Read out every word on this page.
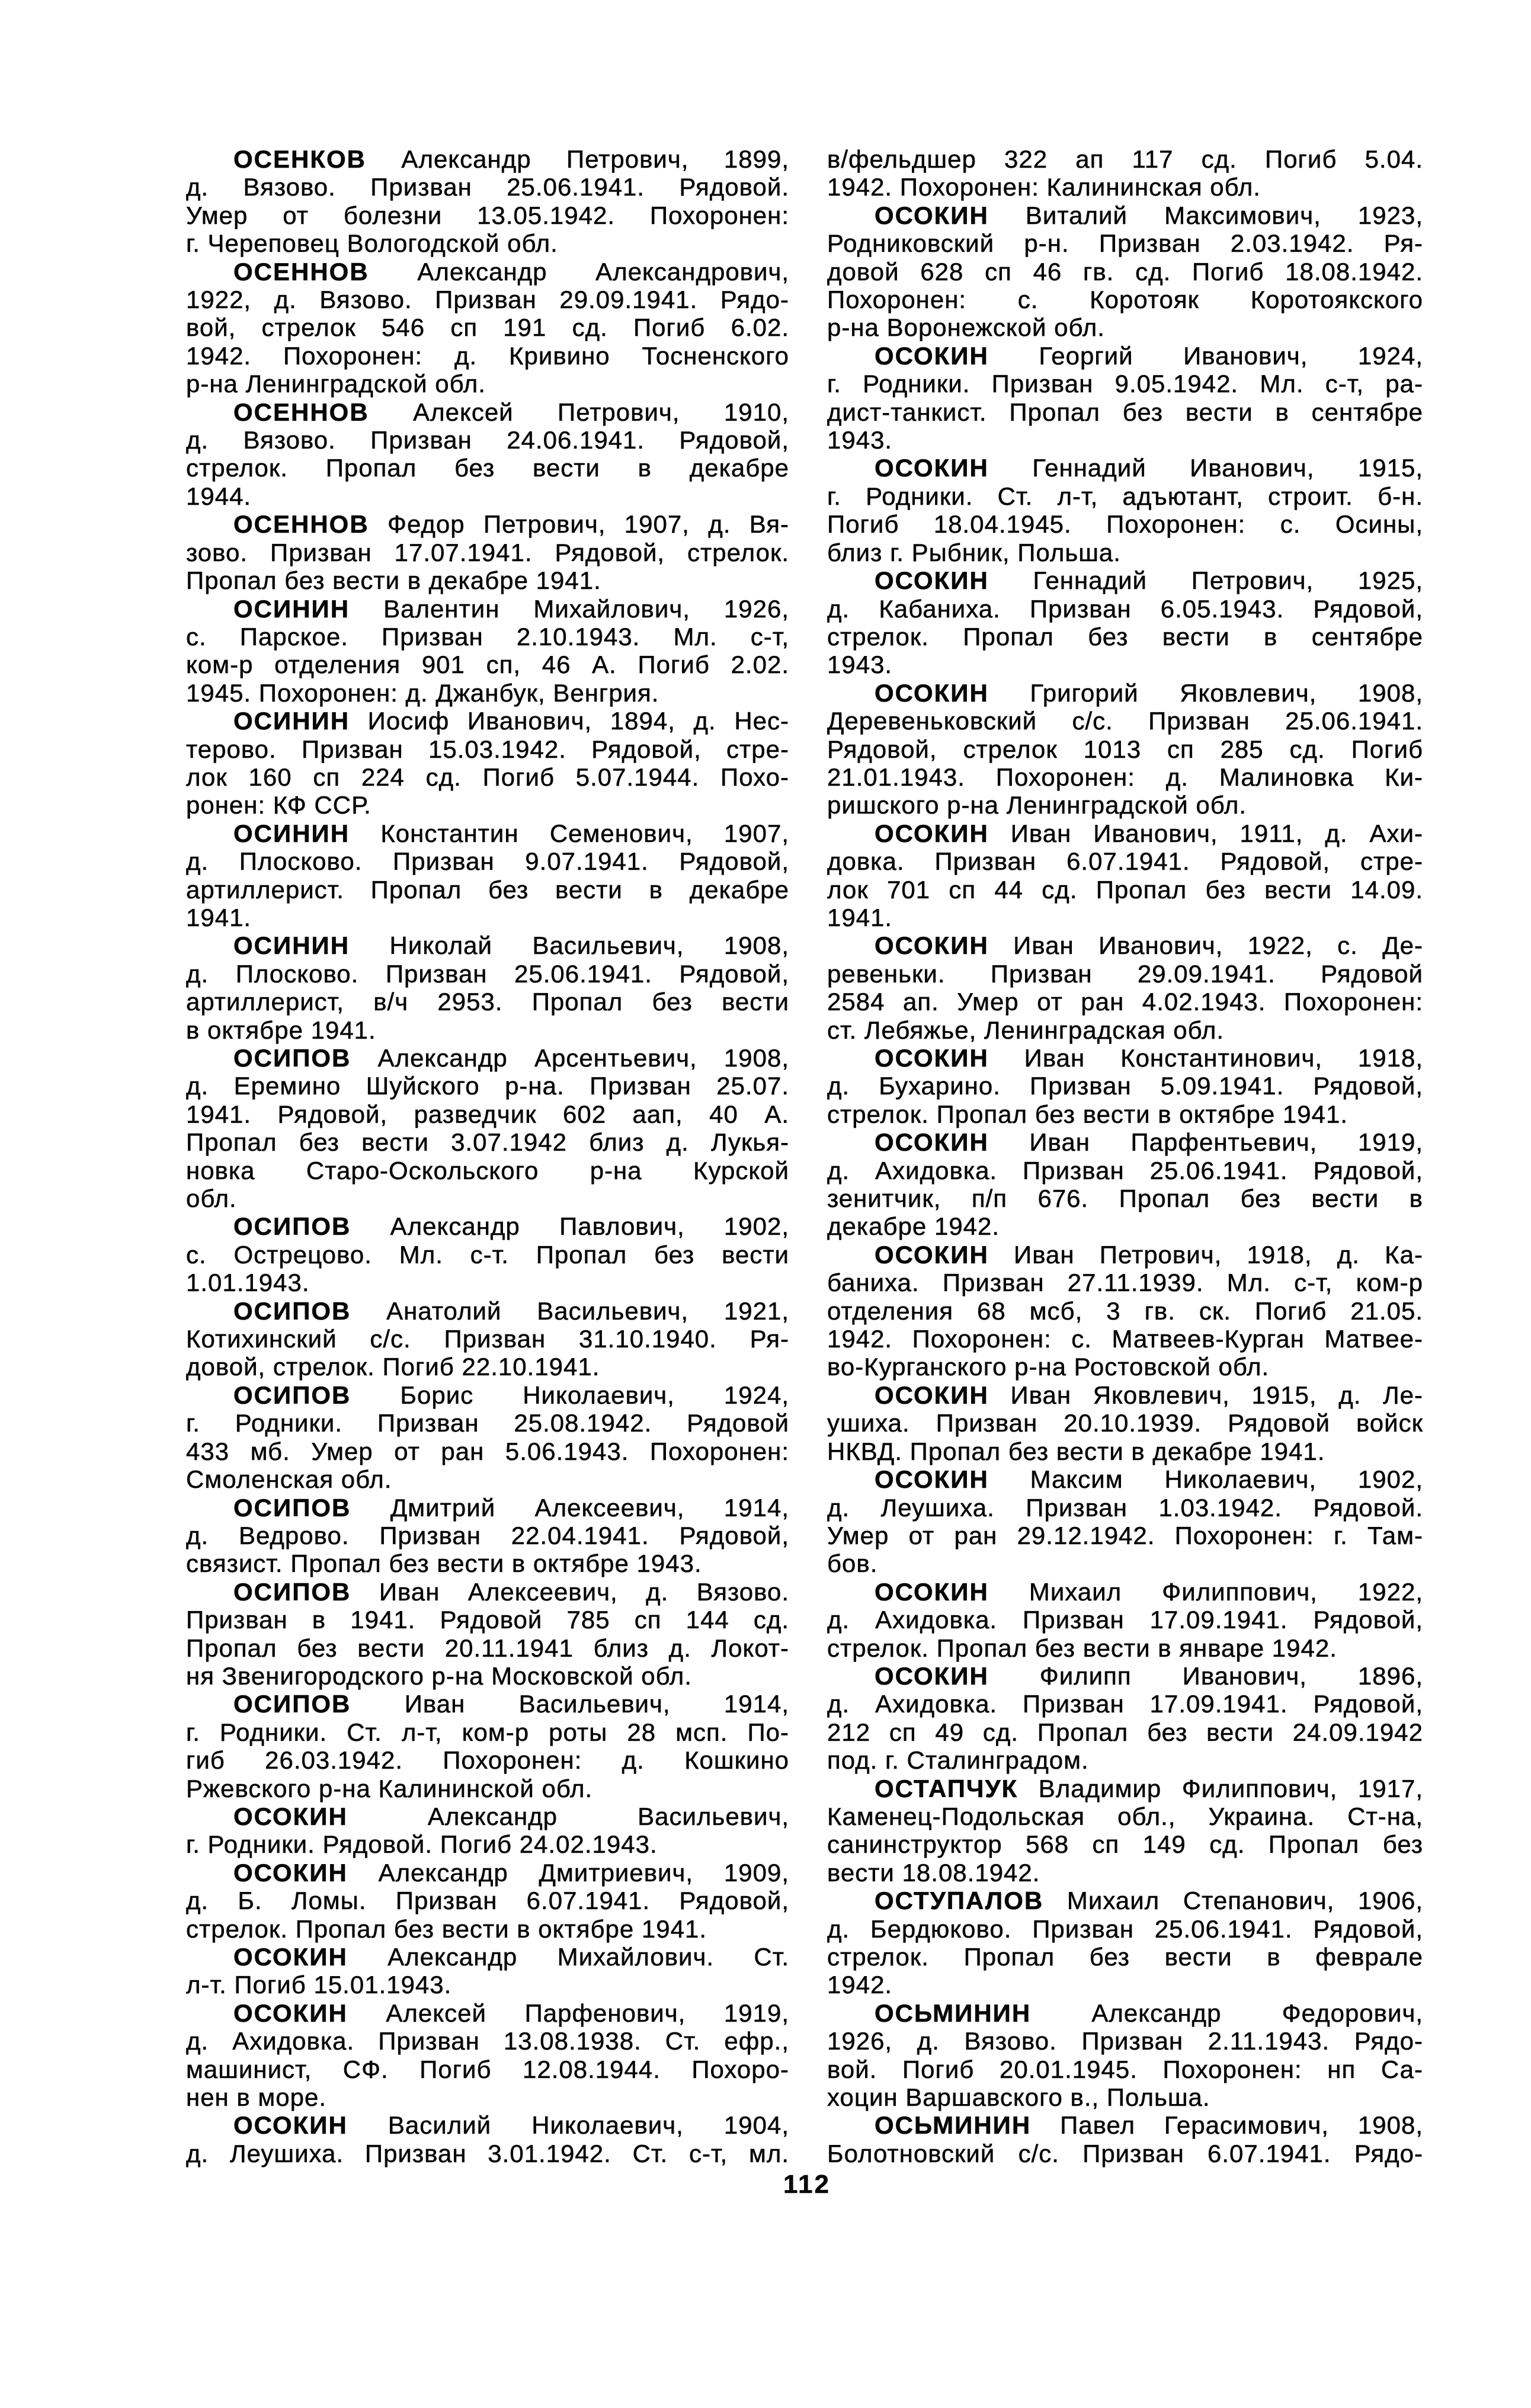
ОСЕНКОВ Александр Петрович, 1899,
д. Вязово. Призван 25.06.1941. Рядовой.
Умер от болезни 13.05.1942. Похоронен:
г. Череповец Вологодской обл.

ОСЕННОВ Александр Александрович,
1922, д. Вязово. Призван 29.09.1941. Рядо-
вой, стрелок 546 сп 191 сд. Погиб 6.02.
1942. Похоронен: д. Кривино Тосненского
р-на Ленинградской обл.

ОСЕННОВ Алексей Петрович, 1910,
д. Вязово. Призван 24.06.1941. Рядовой,
стрелок. Пропал без вести в декабре
1944.

ОСЕННОВ Федор Петрович, 1907, д. Вя-
зово. Призван 17.07.1941. Рядовой, стрелок.
Пропал без вести в декабре 1941.

ОСИНИН Валентин Михайлович, 1926,
с. Парское. Призван 2.10.1943. Мл. с-т,
ком-р отделения 901 сп, 46 А. Погиб 2.02.
1945. Похоронен: д. Джанбук, Венгрия.

ОСИНИН Иосиф Иванович, 1894, д. Нес-
терово. Призван 15.03.1942. Рядовой, стре-
лок 160 сп 224 сд. Погиб 5.07.1944. Похо-
ронен: КФ ССР.

ОСИНИН Константин Семенович, 1907,
д. Плосково. Призван 9.07.1941. Рядовой,
артиллерист. Пропал без вести в декабре
1941.

ОСИНИН Николай Васильевич, 1908,
д. Плосково. Призван 25.06.1941. Рядовой,
артиллерист, в/ч 2953. Пропал без вести
в октябре 1941.

ОСИПОВ Александр Арсентьевич, 1908,
д. Еремино Шуйского р-на. Призван 25.07.
1941. Рядовой, разведчик 602 аап, 40 А.
Пропал без вести 3.07.1942 близ д. Лукья-
новка Старо-Оскольского р-на Курской
обл.

ОСИПОВ Александр Павлович, 1902,
с. Острецово. Мл. с-т. Пропал без вести
1.01.1943.

ОСИПОВ Анатолий Васильевич, 1921,
Котихинский с/с. Призван 31.10.1940. Ря-
довой, стрелок. Погиб 22.10.1941.

ОСИПОВ Борис Николаевич, 1924,
г. Родники. Призван 25.08.1942. Рядовой
433 мб. Умер от ран 5.06.1943. Похоронен:
Смоленская обл.

ОСИПОВ Дмитрий Алексеевич, 1914,
д. Ведрово. Призван 22.04.1941. Рядовой,
связист. Пропал без вести в октябре 1943.

ОСИПОВ Иван Алексеевич, д. Вязово.
Призван в 1941. Рядовой 785 сп 144 сд.
Пропал без вести 20.11.1941 близ д. Локот-
ня Звенигородского р-на Московской обл.

ОСИПОВ Иван Васильевич, 1914,
г. Родники. Ст. л-т, ком-р роты 28 мсп. По-
гиб 26.03.1942. Похоронен: д. Кошкино
Ржевского р-на Калининской обл.

ОСОКИН Александр Васильевич,
г. Родники. Рядовой. Погиб 24.02.1943.

ОСОКИН Александр Дмитриевич, 1909,
д. Б. Ломы. Призван 6.07.1941. Рядовой,
стрелок. Пропал без вести в октябре 1941.

ОСОКИН Александр Михайлович. Ст.
л-т. Погиб 15.01.1943.

ОСОКИН Алексей Парфенович, 1919,
д. Ахидовка. Призван 13.08.1938. Ст. ефр.,
машинист, СФ. Погиб 12.08.1944. Похоро-
нен в море.

ОСОКИН Василий Николаевич, 1904,
д. Леушиха. Призван 3.01.1942. Ст. с-т, мл.

в/фельдшер 322 ап 117 сд. Погиб 5.04.
1942. Похоронен: Калининская обл.

ОСОКИН Виталий Максимович, 1923,
Родниковский р-н. Призван 2.03.1942. Ря-
довой 628 сп 46 гв. сд. Погиб 18.08.1942.
Похоронен: с. Коротояк Коротоякского
р-на Воронежской обл.

ОСОКИН Георгий Иванович, 1924,
г. Родники. Призван 9.05.1942. Мл. с-т, ра-
дист-танкист. Пропал без вести в сентябре
1943.

ОСОКИН Геннадий Иванович, 1915,
г. Родники. Ст. л-т, адъютант, строит. б-н.
Погиб 18.04.1945. Похоронен: с. Осины,
близ г. Рыбник, Польша.

ОСОКИН Геннадий Петрович, 1925,
д. Кабаниха. Призван 6.05.1943. Рядовой,
стрелок. Пропал без вести в сентябре
1943.

ОСОКИН Григорий Яковлевич, 1908,
Деревеньковский с/с. Призван 25.06.1941.
Рядовой, стрелок 1013 сп 285 сд. Погиб
21.01.1943. Похоронен: д. Малиновка Ки-
ришского р-на Ленинградской обл.

ОСОКИН Иван Иванович, 1911, д. Ахи-
довка. Призван 6.07.1941. Рядовой, стре-
лок 701 сп 44 сд. Пропал без вести 14.09.
1941.

ОСОКИН Иван Иванович, 1922, с. Де-
ревеньки. Призван 29.09.1941. Рядовой
2584 ап. Умер от ран 4.02.1943. Похоронен:
ст. Лебяжье, Ленинградская обл.

ОСОКИН Иван Константинович, 1918,
д. Бухарино. Призван 5.09.1941. Рядовой,
стрелок. Пропал без вести в октябре 1941.

ОСОКИН Иван Парфентьевич, 1919,
д. Ахидовка. Призван 25.06.1941. Рядовой,
зенитчик, п/п 676. Пропал без вести в
декабре 1942.

ОСОКИН Иван Петрович, 1918, д. Ка-
баниха. Призван 27.11.1939. Мл. с-т, ком-р
отделения 68 мсб, 3 гв. ск. Погиб 21.05.
1942. Похоронен: с. Матвеев-Курган Матвее-
во-Курганского р-на Ростовской обл.

ОСОКИН Иван Яковлевич, 1915, д. Ле-
ушиха. Призван 20.10.1939. Рядовой войск
НКВД. Пропал без вести в декабре 1941.

ОСОКИН Максим Николаевич, 1902,
д. Леушиха. Призван 1.03.1942. Рядовой.
Умер от ран 29.12.1942. Похоронен: г. Там-
бов.

ОСОКИН Михаил Филиппович, 1922,
д. Ахидовка. Призван 17.09.1941. Рядовой,
стрелок. Пропал без вести в январе 1942.

ОСОКИН Филипп Иванович, 1896,
д. Ахидовка. Призван 17.09.1941. Рядовой,
212 сп 49 сд. Пропал без вести 24.09.1942
под. г. Сталинградом.

ОСТАПЧУК Владимир Филиппович, 1917,
Каменец-Подольская обл., Украина. Ст-на,
санинструктор 568 сп 149 сд. Пропал без
вести 18.08.1942.

ОСТУПАЛОВ Михаил Степанович, 1906,
д. Бердюково. Призван 25.06.1941. Рядовой,
стрелок. Пропал без вести в феврале
1942.

ОСЬМИНИН Александр Федорович,
1926, д. Вязово. Призван 2.11.1943. Рядо-
вой. Погиб 20.01.1945. Похоронен: нп Са-
хоцин Варшавского в., Польша.

ОСЬМИНИН Павел Герасимович, 1908,
Болотновский с/с. Призван 6.07.1941. Рядо-

112
